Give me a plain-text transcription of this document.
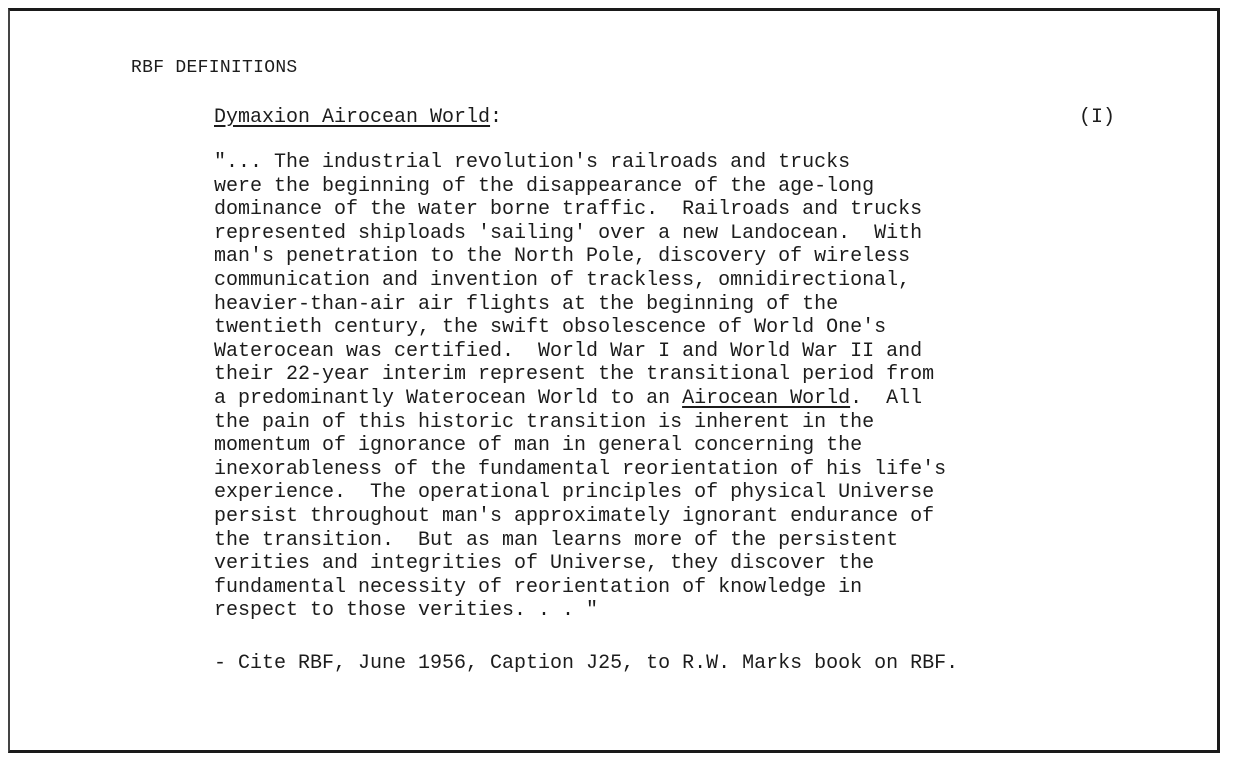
RBF DEFINITIONS
Dymaxion Airocean World:	(I)
"... The industrial revolution's railroads and trucks
were the beginning of the disappearance of the age-long
dominance of the water borne traffic.  Railroads and trucks
represented shiploads 'sailing' over a new Landocean.  With
man's penetration to the North Pole, discovery of wireless
communication and invention of trackless, omnidirectional,
heavier-than-air air flights at the beginning of the
twentieth century, the swift obsolescence of World One's
Waterocean was certified.  World War I and World War II and
their 22-year interim represent the transitional period from
a predominantly Waterocean World to an Airocean World.  All
the pain of this historic transition is inherent in the
momentum of ignorance of man in general concerning the
inexorableness of the fundamental reorientation of his life's
experience.  The operational principles of physical Universe
persist throughout man's approximately ignorant endurance of
the transition.  But as man learns more of the persistent
verities and integrities of Universe, they discover the
fundamental necessity of reorientation of knowledge in
respect to those verities. . . "
- Cite RBF, June 1956, Caption J25, to R.W. Marks book on RBF.
